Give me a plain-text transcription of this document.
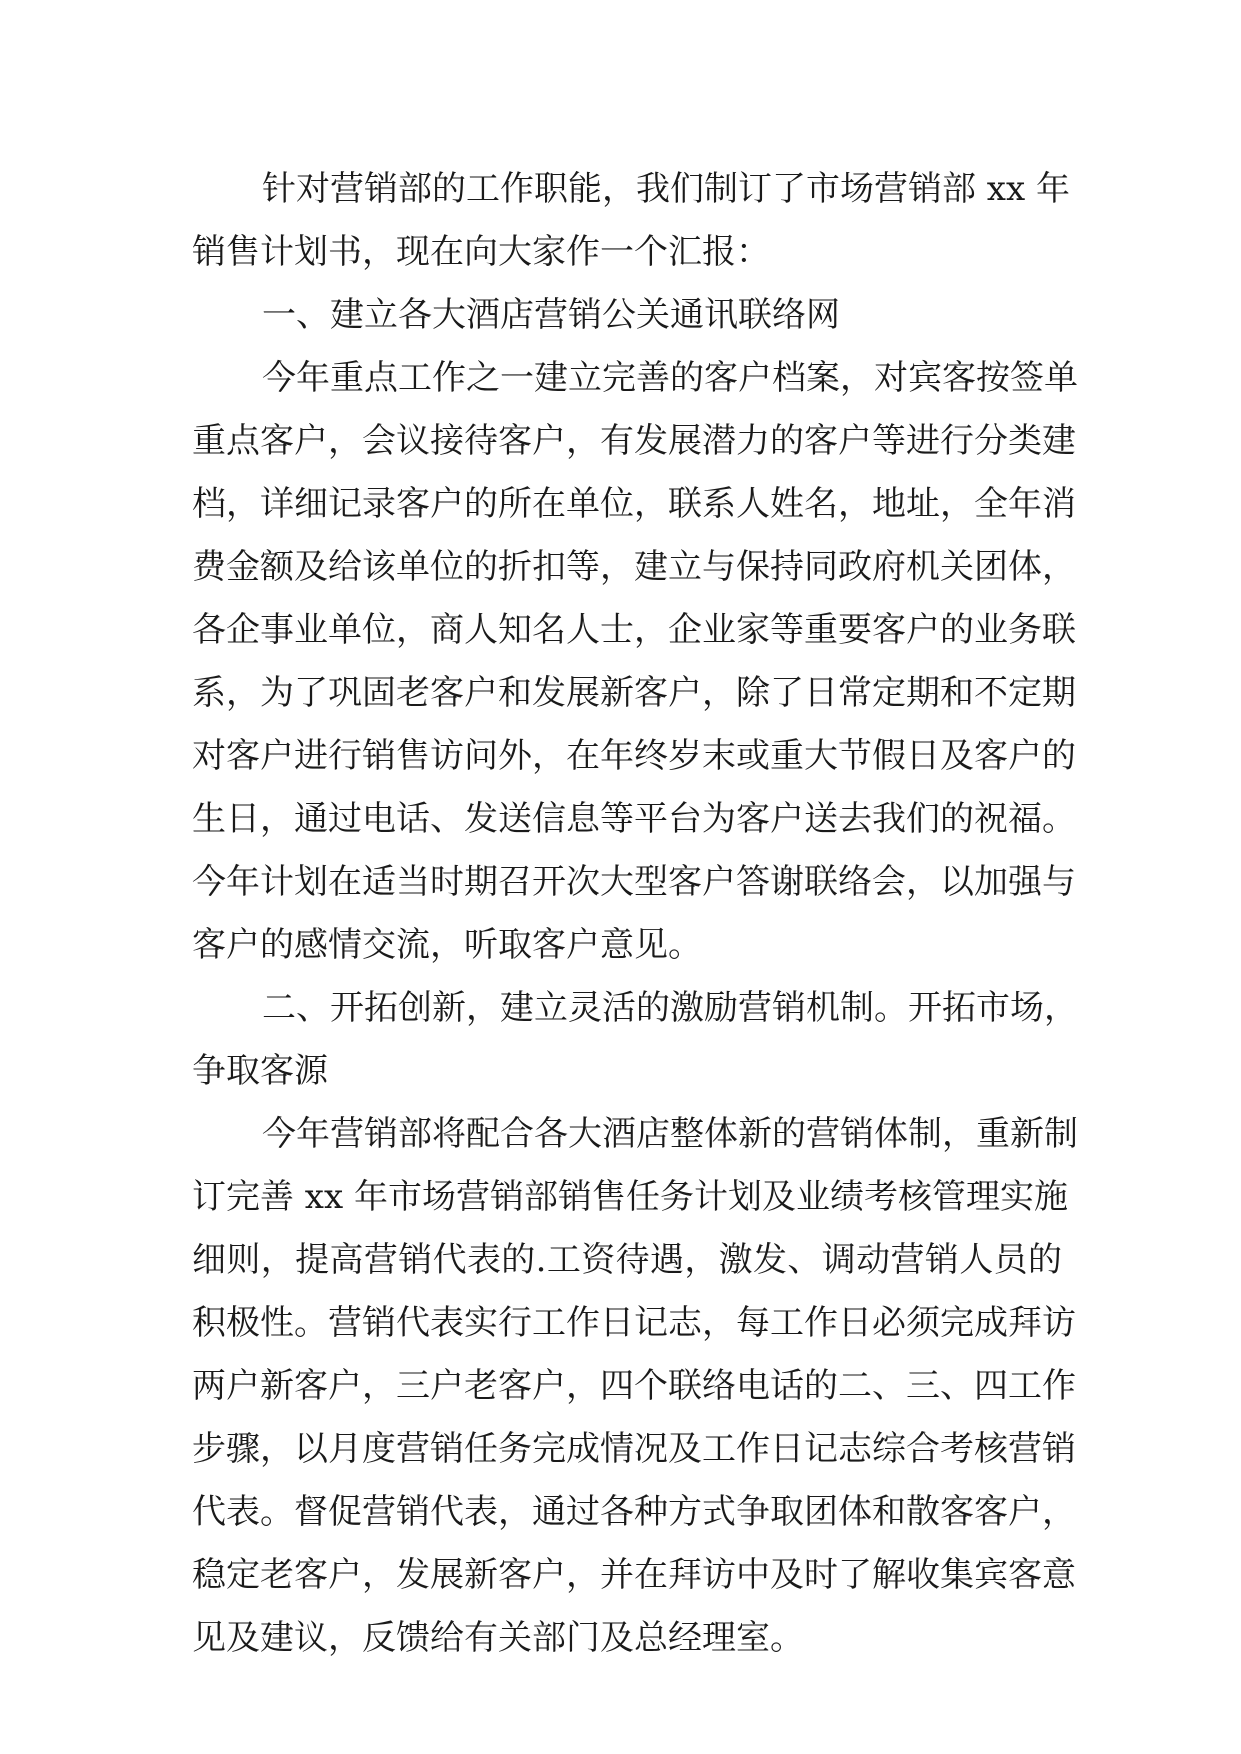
针对营销部的工作职能，我们制订了市场营销部 xx 年
销售计划书，现在向大家作一个汇报：
一、建立各大酒店营销公关通讯联络网
今年重点工作之一建立完善的客户档案，对宾客按签单
重点客户，会议接待客户，有发展潜力的客户等进行分类建
档，详细记录客户的所在单位，联系人姓名，地址，全年消
费金额及给该单位的折扣等，建立与保持同政府机关团体，
各企事业单位，商人知名人士，企业家等重要客户的业务联
系，为了巩固老客户和发展新客户，除了日常定期和不定期
对客户进行销售访问外，在年终岁末或重大节假日及客户的
生日，通过电话、发送信息等平台为客户送去我们的祝福。
今年计划在适当时期召开次大型客户答谢联络会，以加强与
客户的感情交流，听取客户意见。
二、开拓创新，建立灵活的激励营销机制。开拓市场，
争取客源
今年营销部将配合各大酒店整体新的营销体制，重新制
订完善 xx 年市场营销部销售任务计划及业绩考核管理实施
细则，提高营销代表的.工资待遇，激发、调动营销人员的
积极性。营销代表实行工作日记志，每工作日必须完成拜访
两户新客户，三户老客户，四个联络电话的二、三、四工作
步骤，以月度营销任务完成情况及工作日记志综合考核营销
代表。督促营销代表，通过各种方式争取团体和散客客户，
稳定老客户，发展新客户，并在拜访中及时了解收集宾客意
见及建议，反馈给有关部门及总经理室。
